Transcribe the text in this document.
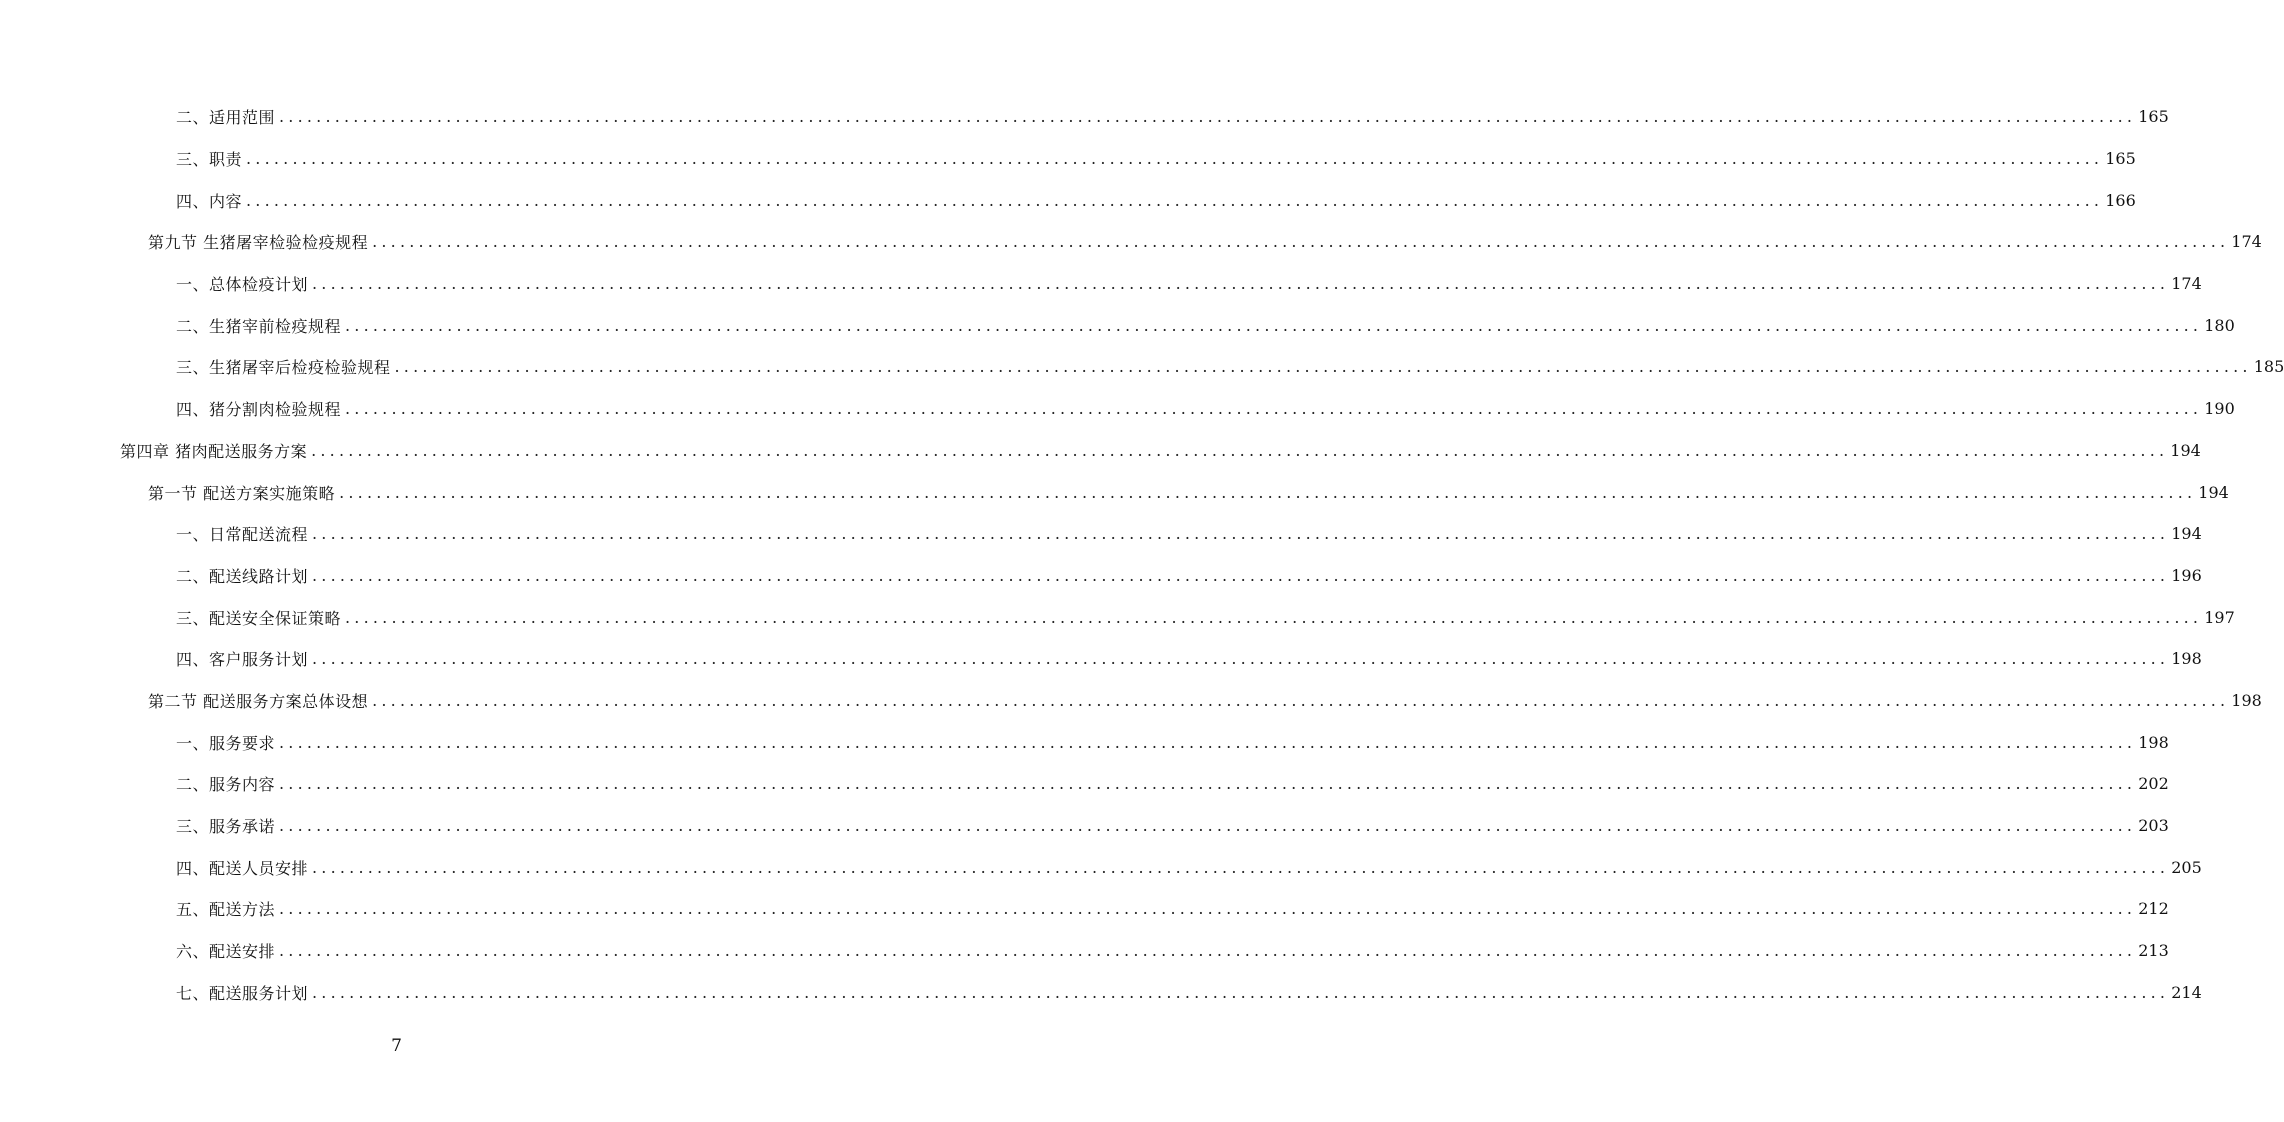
二、适用范围 ........................................................................................................................................................................................................ 165
三、职责 ........................................................................................................................................................................................................ 165
四、内容 ........................................................................................................................................................................................................ 166
第九节 生猪屠宰检验检疫规程 ........................................................................................................................................................................................................ 174
一、总体检疫计划 ........................................................................................................................................................................................................ 174
二、生猪宰前检疫规程 ........................................................................................................................................................................................................ 180
三、生猪屠宰后检疫检验规程 ........................................................................................................................................................................................................ 185
四、猪分割肉检验规程 ........................................................................................................................................................................................................ 190
第四章 猪肉配送服务方案 ........................................................................................................................................................................................................ 194
第一节 配送方案实施策略 ........................................................................................................................................................................................................ 194
一、日常配送流程 ........................................................................................................................................................................................................ 194
二、配送线路计划 ........................................................................................................................................................................................................ 196
三、配送安全保证策略 ........................................................................................................................................................................................................ 197
四、客户服务计划 ........................................................................................................................................................................................................ 198
第二节 配送服务方案总体设想 ........................................................................................................................................................................................................ 198
一、服务要求 ........................................................................................................................................................................................................ 198
二、服务内容 ........................................................................................................................................................................................................ 202
三、服务承诺 ........................................................................................................................................................................................................ 203
四、配送人员安排 ........................................................................................................................................................................................................ 205
五、配送方法 ........................................................................................................................................................................................................ 212
六、配送安排 ........................................................................................................................................................................................................ 213
七、配送服务计划 ........................................................................................................................................................................................................ 214
7
